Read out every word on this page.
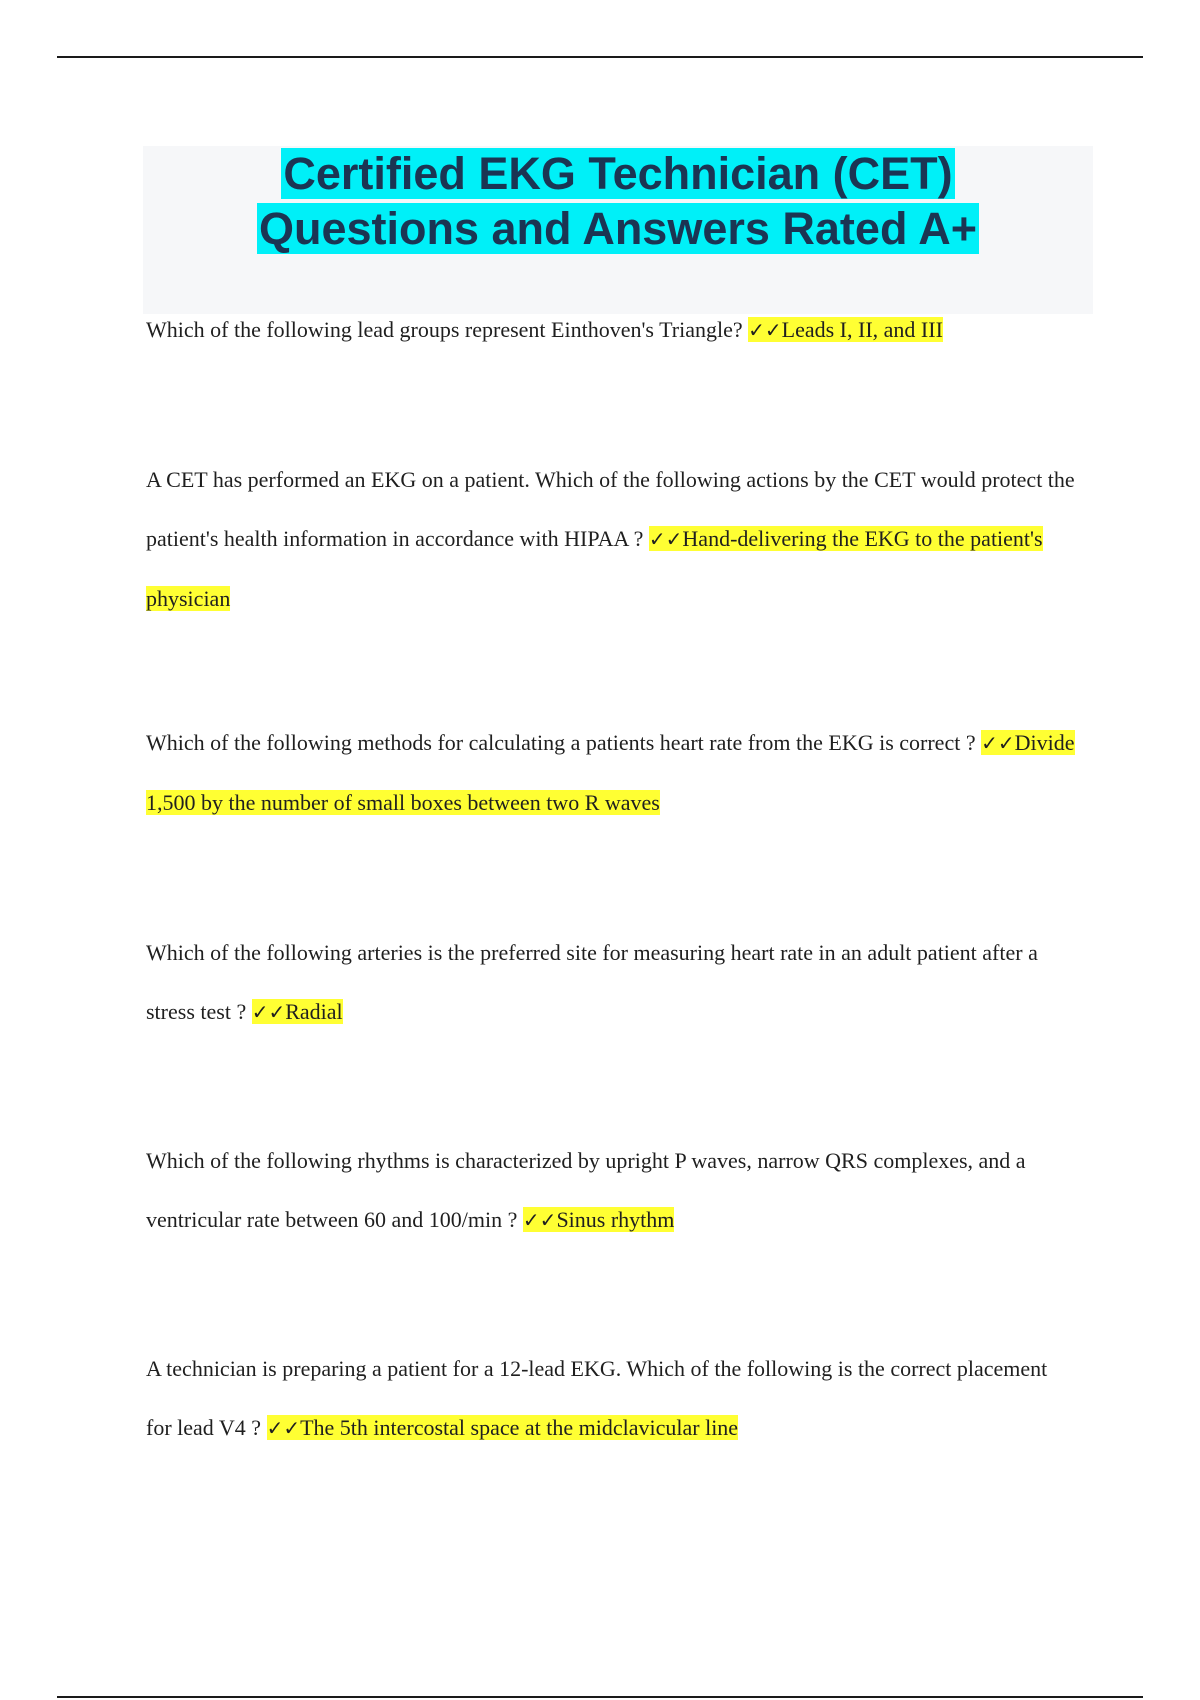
Certified EKG Technician (CET)
Questions and Answers Rated A+

Which of the following lead groups represent Einthoven's Triangle? ✓✓Leads I, II, and III

A CET has performed an EKG on a patient. Which of the following actions by the CET would protect the patient's health information in accordance with HIPAA ? ✓✓Hand-delivering the EKG to the patient's physician

Which of the following methods for calculating a patients heart rate from the EKG is correct ? ✓✓Divide 1,500 by the number of small boxes between two R waves

Which of the following arteries is the preferred site for measuring heart rate in an adult patient after a stress test ? ✓✓Radial

Which of the following rhythms is characterized by upright P waves, narrow QRS complexes, and a ventricular rate between 60 and 100/min ? ✓✓Sinus rhythm

A technician is preparing a patient for a 12-lead EKG. Which of the following is the correct placement for lead V4 ? ✓✓The 5th intercostal space at the midclavicular line
